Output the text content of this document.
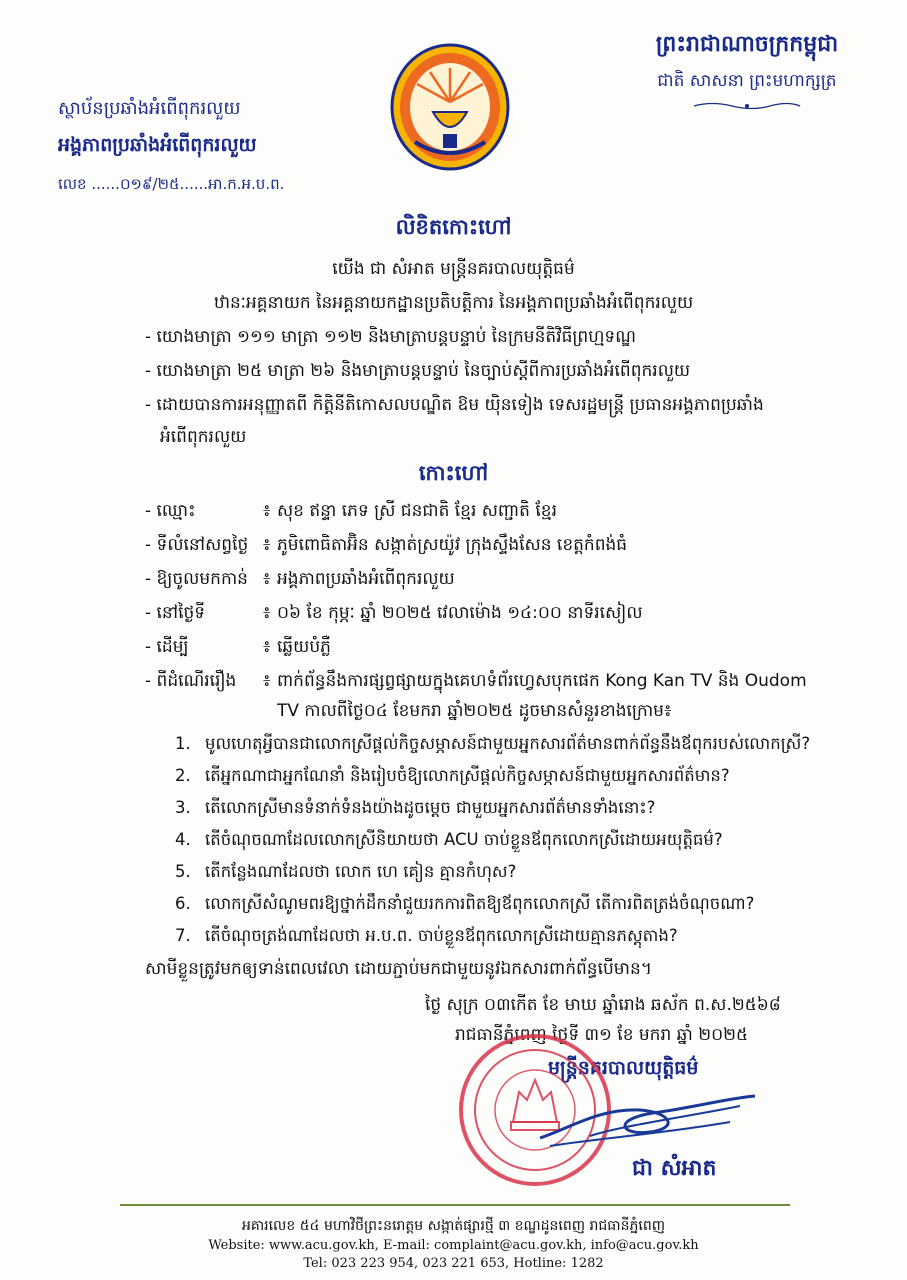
ព្រះរាជាណាចក្រកម្ពុជា
ជាតិ សាសនា ព្រះមហាក្សត្រ
ស្ថាប័នប្រឆាំងអំពើពុករលួយ
អង្គភាពប្រឆាំងអំពើពុករលួយ
លេខ ......០១៩/២៥......ឤ.ក.អ.ប.ព.
លិខិតកោះហៅ
យើង ជា សំអាត មន្ត្រីនគរបាលយុត្តិធម៌
ឋានៈអគ្គនាយក នៃអគ្គនាយកដ្ឋានប្រតិបត្តិការ នៃអង្គភាពប្រឆាំងអំពើពុករលួយ
- យោងមាត្រា ១១១ មាត្រា ១១២ និងមាត្រាបន្តបន្ទាប់ នៃក្រមនីតិវិធីព្រហ្មទណ្ឌ
- យោងមាត្រា ២៥ មាត្រា ២៦ និងមាត្រាបន្តបន្ទាប់ នៃច្បាប់ស្ដីពីការប្រឆាំងអំពើពុករលួយ
- ដោយបានការអនុញ្ញាតពី កិត្តិនីតិកោសលបណ្ឌិត ឱម យ៉ិនទៀង ទេសរដ្ឋមន្ត្រី ប្រធានអង្គភាពប្រឆាំង
អំពើពុករលួយ
កោះហៅ
- ឈ្មោះ	៖ សុខ ឥន្ទា ភេទ ស្រី ជនជាតិ ខ្មែរ សញ្ជាតិ ខ្មែរ
- ទីលំនៅសព្វថ្ងៃ ៖ ភូមិពោធិតាអ៊ិន សង្កាត់ស្រយ៉ូវ ក្រុងស្ទឹងសែន ខេត្តកំពង់ធំ
- ឱ្យចូលមកកាន់ ៖ អង្គភាពប្រឆាំងអំពើពុករលួយ
- នៅថ្ងៃទី	៖ ០៦ ខែ កុម្ភៈ ឆ្នាំ ២០២៥ វេលាម៉ោង ១៤:០០ នាទីរសៀល
- ដើម្បី	៖ ឆ្លើយបំភ្លឺ
- ពីដំណើររឿង ៖ ពាក់ព័ន្ធនឹងការផ្សព្វផ្សាយក្នុងគេហទំព័រហ្វេសបុកផេក Kong Kan TV និង Oudom
TV កាលពីថ្ងៃ០៤ ខែមករា ឆ្នាំ២០២៥ ដូចមានសំនួរខាងក្រោម៖
1. មូលហេតុអ្វីបានជាលោកស្រីផ្ដល់កិច្ចសម្ភាសន៍ជាមួយអ្នកសារព័ត៌មានពាក់ព័ន្ធនឹងឪពុករបស់លោកស្រី?
2. តើអ្នកណាជាអ្នកណែនាំ និងរៀបចំឱ្យលោកស្រីផ្ដល់កិច្ចសម្ភាសន៍ជាមួយអ្នកសារព័ត៌មាន?
3. តើលោកស្រីមានទំនាក់ទំនងយ៉ាងដូចម្ដេច ជាមួយអ្នកសារព័ត៌មានទាំងនោះ?
4. តើចំណុចណាដែលលោកស្រីនិយាយថា ACU ចាប់ខ្លួនឪពុកលោកស្រីដោយអយុត្តិធម៌?
5. តើកន្លែងណាដែលថា លោក ហេ គៀន គ្មានកំហុស?
6. លោកស្រីសំណូមពរឱ្យថ្នាក់ដឹកនាំជួយរកការពិតឱ្យឪពុកលោកស្រី តើការពិតត្រង់ចំណុចណា?
7. តើចំណុចត្រង់ណាដែលថា អ.ប.ព. ចាប់ខ្លួនឪពុកលោកស្រីដោយគ្មានភស្ដុតាង?
សាមីខ្លួនត្រូវមកឲ្យទាន់ពេលវេលា ដោយភ្ជាប់មកជាមួយនូវឯកសារពាក់ព័ន្ធបើមាន។
ថ្ងៃ សុក្រ ០៣កើត ខែ មាឃ ឆ្នាំរោង ឆស័ក ព.ស.២៥៦៨
រាជធានីភ្នំពេញ ថ្ងៃទី ៣១ ខែ មករា ឆ្នាំ ២០២៥
មន្ត្រីនគរបាលយុត្តិធម៌
ជា សំអាត
អគារលេខ ៥៤ មហាវិថីព្រះនរោត្តម សង្កាត់ផ្សារថ្មី ៣ ខណ្ឌដូនពេញ រាជធានីភ្នំពេញ
Website: www.acu.gov.kh, E-mail: complaint@acu.gov.kh, info@acu.gov.kh
Tel: 023 223 954, 023 221 653, Hotline: 1282
